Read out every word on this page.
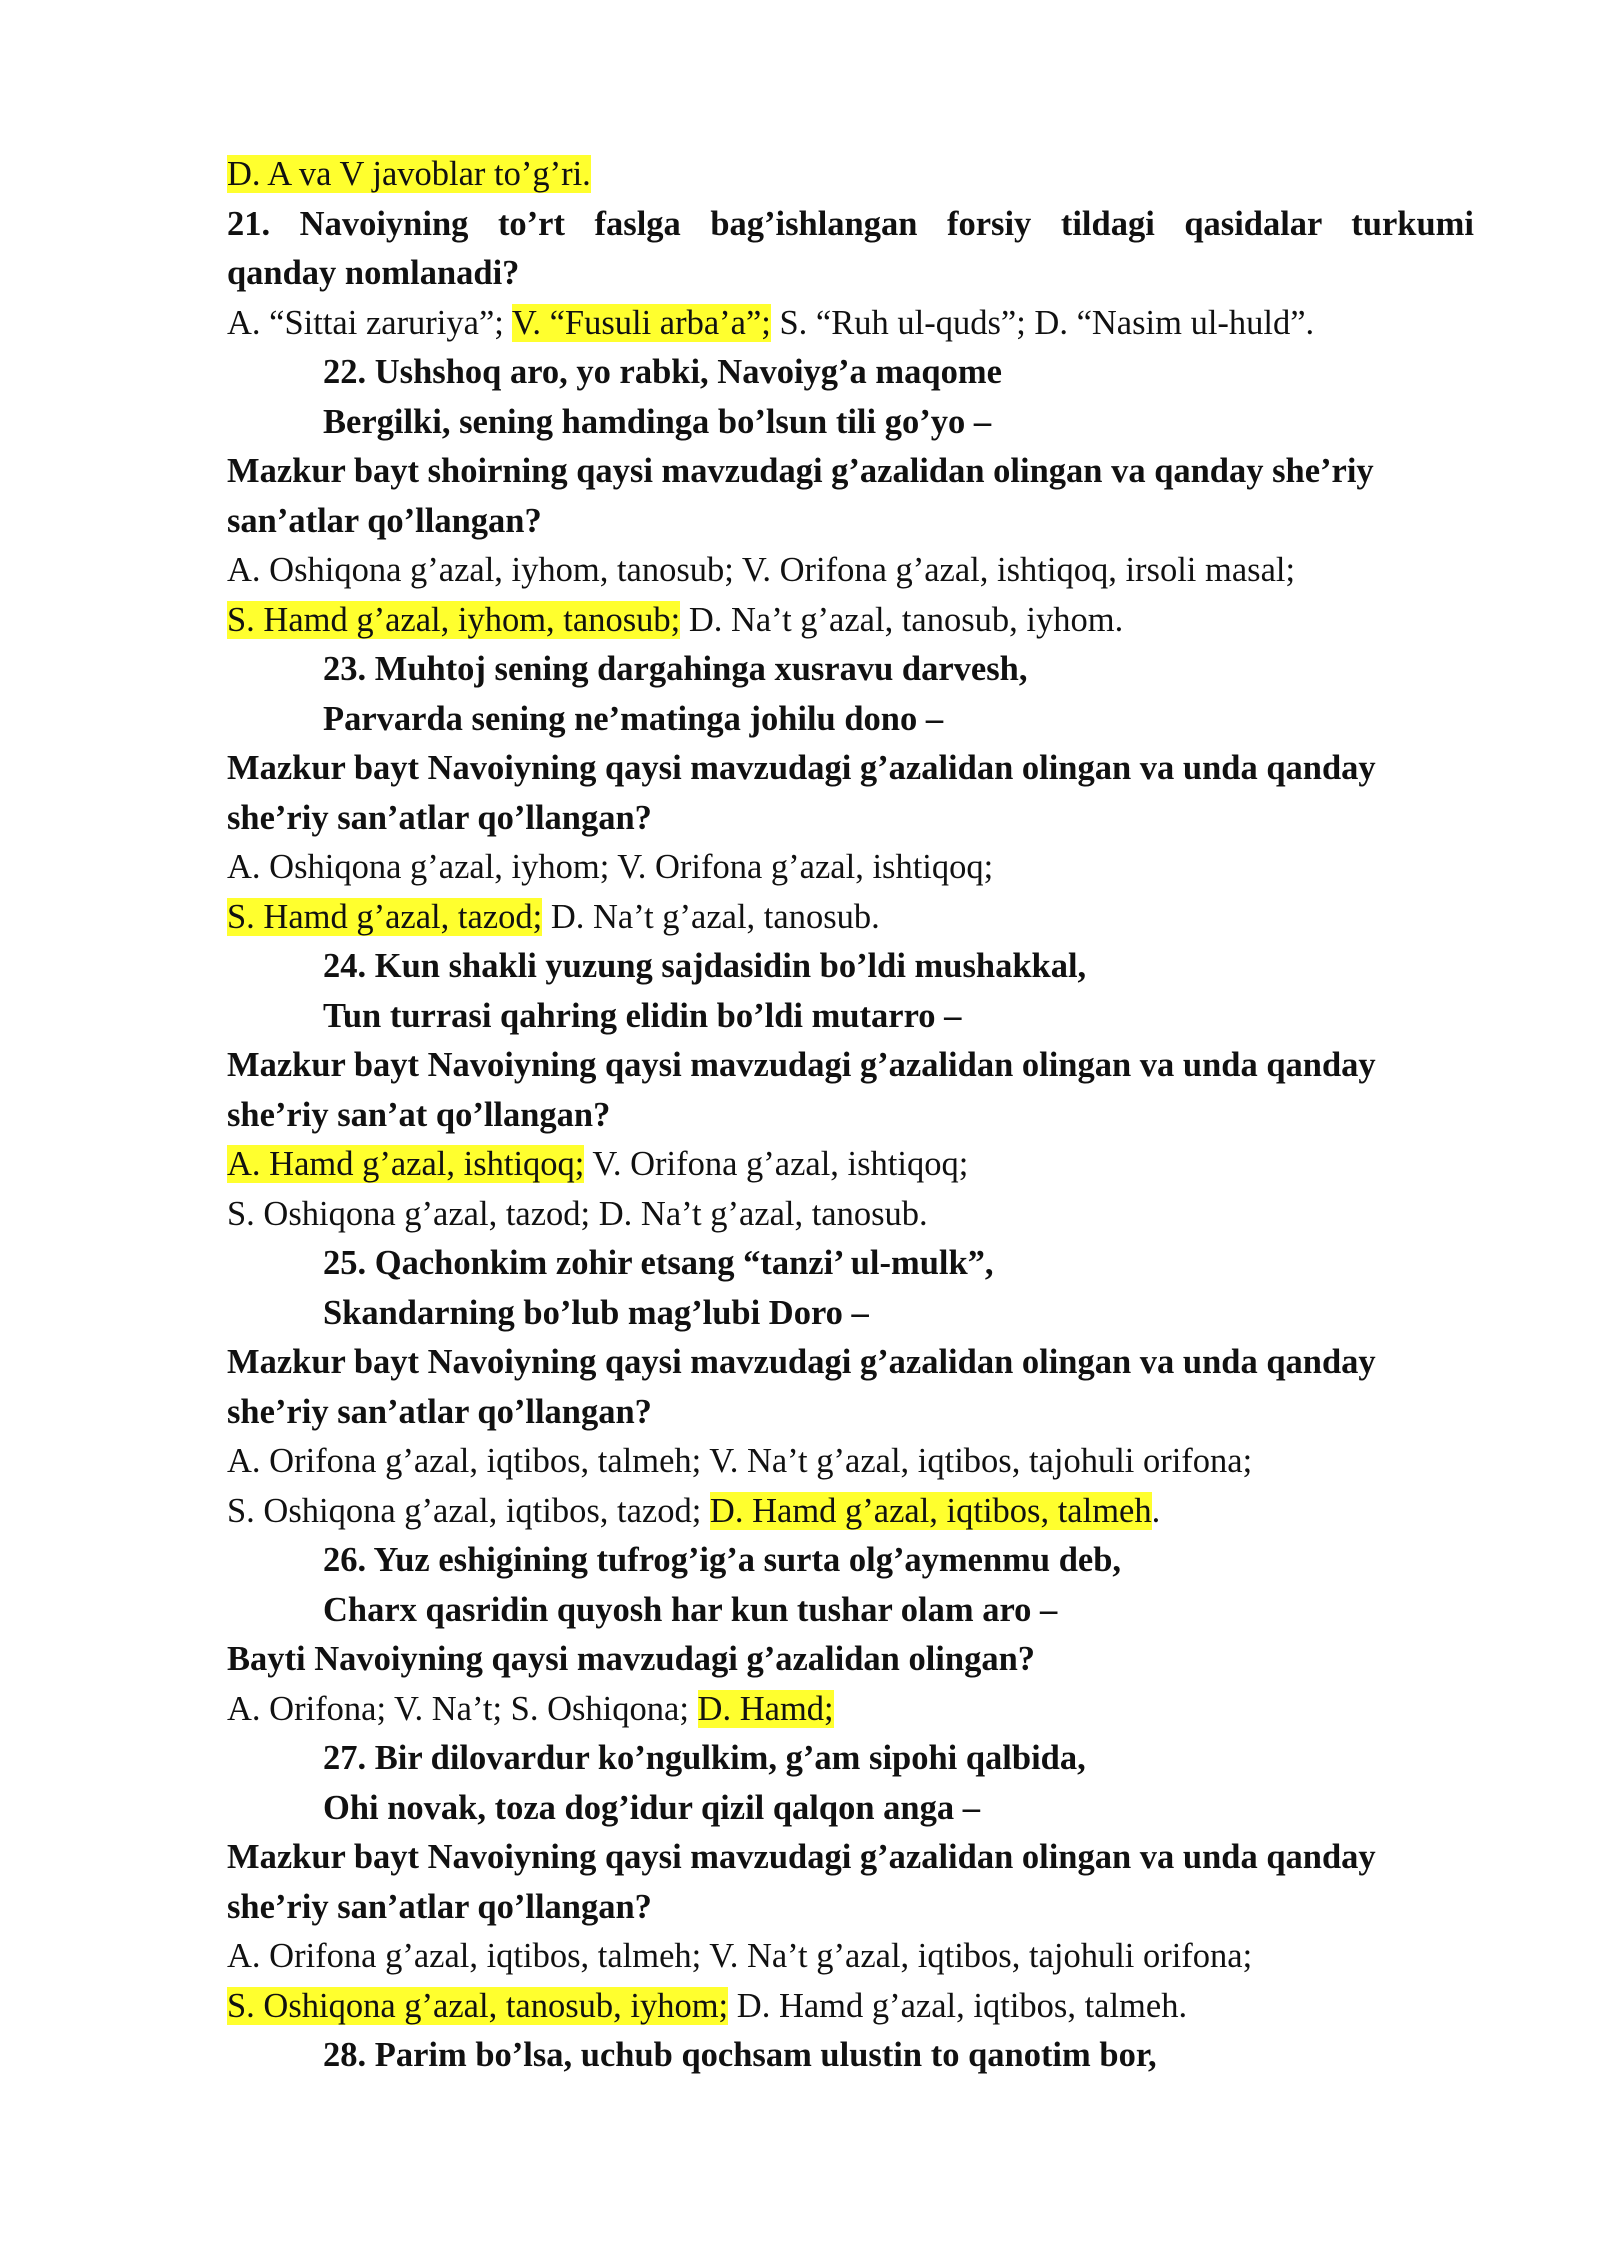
D. A va V javoblar to’g’ri.
21. Navoiyning to’rt faslga bag’ishlangan forsiy tildagi qasidalar turkumi
qanday nomlanadi?
A. “Sittai zaruriya”; V. “Fusuli arba’a”; S. “Ruh ul-quds”; D. “Nasim ul-huld”.
22. Ushshoq aro, yo rabki, Navoiyg’a maqome
Bergilki, sening hamdinga bo’lsun tili go’yo –
Mazkur bayt shoirning qaysi mavzudagi g’azalidan olingan va qanday she’riy
san’atlar qo’llangan?
A. Oshiqona g’azal, iyhom, tanosub; V. Orifona g’azal, ishtiqoq, irsoli masal;
S. Hamd g’azal, iyhom, tanosub; D. Na’t g’azal, tanosub, iyhom.
23. Muhtoj sening dargahinga xusravu darvesh,
Parvarda sening ne’matinga johilu dono –
Mazkur bayt Navoiyning qaysi mavzudagi g’azalidan olingan va unda qanday
she’riy san’atlar qo’llangan?
A. Oshiqona g’azal, iyhom; V. Orifona g’azal, ishtiqoq;
S. Hamd g’azal, tazod; D. Na’t g’azal, tanosub.
24. Kun shakli yuzung sajdasidin bo’ldi mushakkal,
Tun turrasi qahring elidin bo’ldi mutarro –
Mazkur bayt Navoiyning qaysi mavzudagi g’azalidan olingan va unda qanday
she’riy san’at qo’llangan?
A. Hamd g’azal, ishtiqoq; V. Orifona g’azal, ishtiqoq;
S. Oshiqona g’azal, tazod; D. Na’t g’azal, tanosub.
25. Qachonkim zohir etsang “tanzi’ ul-mulk”,
Skandarning bo’lub mag’lubi Doro –
Mazkur bayt Navoiyning qaysi mavzudagi g’azalidan olingan va unda qanday
she’riy san’atlar qo’llangan?
A. Orifona g’azal, iqtibos, talmeh; V. Na’t g’azal, iqtibos, tajohuli orifona;
S. Oshiqona g’azal, iqtibos, tazod; D. Hamd g’azal, iqtibos, talmeh.
26. Yuz eshigining tufrog’ig’a surta olg’aymenmu deb,
Charx qasridin quyosh har kun tushar olam aro –
Bayti Navoiyning qaysi mavzudagi g’azalidan olingan?
A. Orifona; V. Na’t; S. Oshiqona; D. Hamd;
27. Bir dilovardur ko’ngulkim, g’am sipohi qalbida,
Ohi novak, toza dog’idur qizil qalqon anga –
Mazkur bayt Navoiyning qaysi mavzudagi g’azalidan olingan va unda qanday
she’riy san’atlar qo’llangan?
A. Orifona g’azal, iqtibos, talmeh; V. Na’t g’azal, iqtibos, tajohuli orifona;
S. Oshiqona g’azal, tanosub, iyhom; D. Hamd g’azal, iqtibos, talmeh.
28. Parim bo’lsa, uchub qochsam ulustin to qanotim bor,
